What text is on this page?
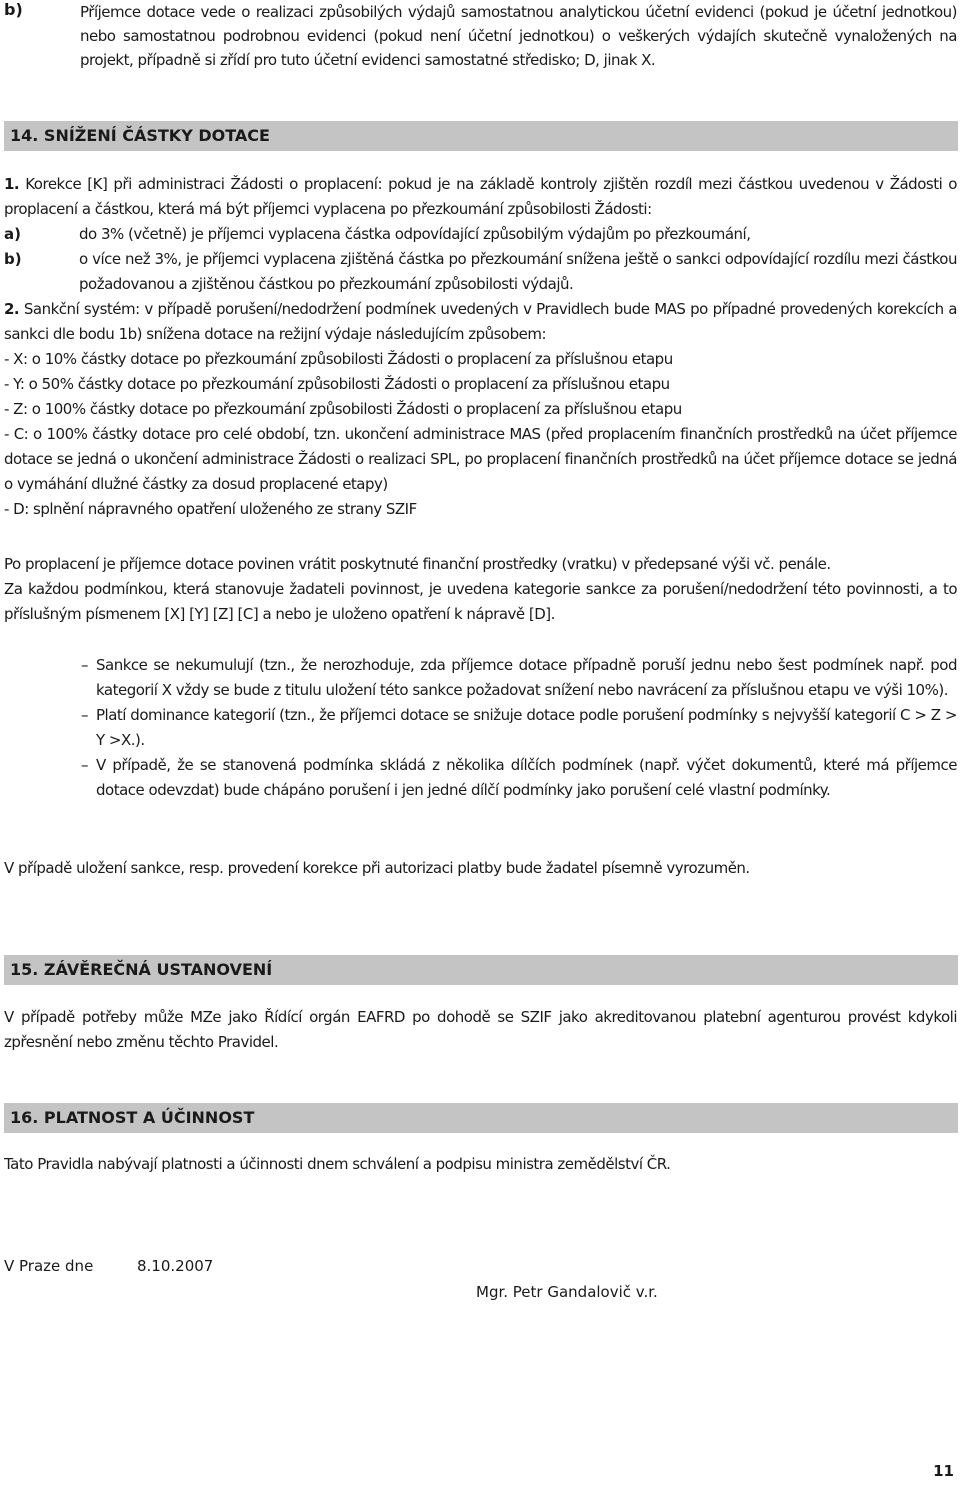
b)	Příjemce dotace vede o realizaci způsobilých výdajů samostatnou analytickou účetní evidenci (pokud je účetní jednotkou) nebo samostatnou podrobnou evidenci (pokud není účetní jednotkou) o veškerých výdajích skutečně vynaložených na projekt, případně si zřídí pro tuto účetní evidenci samostatné středisko; D, jinak X.

14. SNÍŽENÍ ČÁSTKY DOTACE

1. Korekce [K] při administraci Žádosti o proplacení: pokud je na základě kontroly zjištěn rozdíl mezi částkou uvedenou v Žádosti o proplacení a částkou, která má být příjemci vyplacena po přezkoumání způsobilosti Žádosti:

a)	do 3% (včetně) je příjemci vyplacena částka odpovídající způsobilým výdajům po přezkoumání,

b)	o více než 3%, je příjemci vyplacena zjištěná částka po přezkoumání snížena ještě o sankci odpovídající rozdílu mezi částkou požadovanou a zjištěnou částkou po přezkoumání způsobilosti výdajů.

2. Sankční systém: v případě porušení/nedodržení podmínek uvedených v Pravidlech bude MAS po případné provedených korekcích a sankci dle bodu 1b) snížena dotace na režijní výdaje následujícím způsobem:

- X: o 10% částky dotace po přezkoumání způsobilosti Žádosti o proplacení za příslušnou etapu

- Y: o 50% částky dotace po přezkoumání způsobilosti Žádosti o proplacení za příslušnou etapu

- Z: o 100% částky dotace po přezkoumání způsobilosti Žádosti o proplacení za příslušnou etapu

- C: o 100% částky dotace pro celé období, tzn. ukončení administrace MAS (před proplacením finančních prostředků na účet příjemce dotace se jedná o ukončení administrace Žádosti o realizaci SPL, po proplacení finančních prostředků na účet příjemce dotace se jedná o vymáhání dlužné částky za dosud proplacené etapy)

- D: splnění nápravného opatření uloženého ze strany SZIF

Po proplacení je příjemce dotace povinen vrátit poskytnuté finanční prostředky (vratku) v předepsané výši vč. penále.

Za každou podmínkou, která stanovuje žadateli povinnost, je uvedena kategorie sankce za porušení/nedodržení této povinnosti, a to příslušným písmenem [X] [Y] [Z] [C] a nebo je uloženo opatření k nápravě [D].

– Sankce se nekumulují (tzn., že nerozhoduje, zda příjemce dotace případně poruší jednu nebo šest podmínek např. pod kategorií X vždy se bude z titulu uložení této sankce požadovat snížení nebo navrácení za příslušnou etapu ve výši 10%).

– Platí dominance kategorií (tzn., že příjemci dotace se snižuje dotace podle porušení podmínky s nejvyšší kategorií C > Z > Y >X.).

– V případě, že se stanovená podmínka skládá z několika dílčích podmínek (např. výčet dokumentů, které má příjemce dotace odevzdat) bude chápáno porušení i jen jedné dílčí podmínky jako porušení celé vlastní podmínky.

V případě uložení sankce, resp. provedení korekce při autorizaci platby bude žadatel písemně vyrozuměn.

15. ZÁVĚREČNÁ USTANOVENÍ

V případě potřeby může MZe jako Řídící orgán EAFRD po dohodě se SZIF jako akreditovanou platební agenturou provést kdykoli zpřesnění nebo změnu těchto Pravidel.

16. PLATNOST A ÚČINNOST

Tato Pravidla nabývají platnosti a účinnosti dnem schválení a podpisu ministra zemědělství ČR.

V Praze dne	8.10.2007
Mgr. Petr Gandalovič v.r.
11
